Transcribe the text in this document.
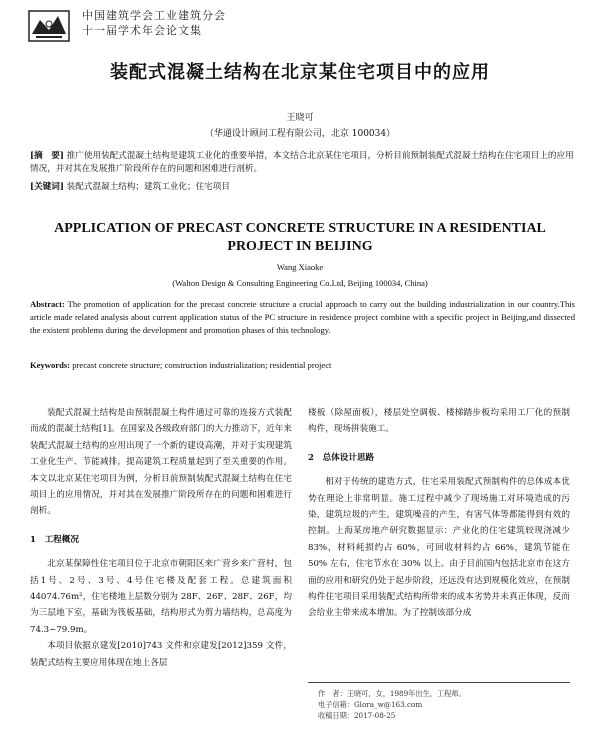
中国建筑学会工业建筑分会
十一届学术年会论文集
装配式混凝土结构在北京某住宅项目中的应用
王晓可
（华通设计顾问工程有限公司，北京 100034）
[摘　要] 推广使用装配式混凝土结构是建筑工业化的重要举措，本文结合北京某住宅项目，分析目前预制装配式混凝土结构在住宅项目上的应用情况，并对其在发展推广阶段所存在的问题和困难进行剖析。
[关键词] 装配式混凝土结构；建筑工业化；住宅项目
APPLICATION OF PRECAST CONCRETE STRUCTURE IN A RESIDENTIAL PROJECT IN BEIJING
Wang Xiaoke
(Walton Design & Consulting Engineering Co.Ltd, Beijing 100034, China)
Abstract: The promotion of application for the precast concrete structure a crucial approach to carry out the building industrialization in our country.This article made related analysis about current application status of the PC structure in residence project combine with a specific project in Beijing,and dissected the existent problems during the development and promotion phases of this technology.
Keywords: precast concrete structure; construction industrialization; residential project

装配式混凝土结构是由预制混凝土构件通过可靠的连接方式装配而成的混凝土结构[1]。在国家及各级政府部门的大力推动下，近年来装配式混凝土结构的应用出现了一个新的建设高潮，并对于实现建筑工业化生产、节能减排，提高建筑工程质量起到了至关重要的作用。本文以北京某住宅项目为例，分析目前预制装配式混凝土结构在住宅项目上的应用情况，并对其在发展推广阶段所存在的问题和困难进行剖析。

1　工程概况

北京某保障性住宅项目位于北京市朝阳区来广营乡来广营村，包括1号、2号、3号、4号住宅楼及配套工程。总建筑面积 44074.76m²，住宅楼地上层数分别为 28F、26F、28F、26F，均为三层地下室，基础为筏板基础，结构形式为剪力墙结构，总高度为 74.3~79.9m。

本项目依据京建发[2010]743 文件和京建发[2012]359 文件，装配式结构主要应用体现在地上各层

楼板（除屋面板），楼层处空调板、楼梯踏步板均采用工厂化的预制构件，现场拼装施工。

2　总体设计思路

相对于传统的建造方式，住宅采用装配式预制构件的总体成本优势在理论上非常明显。施工过程中减少了现场施工对环境造成的污染，建筑垃圾的产生，建筑噪音的产生，有害气体等都能得到有效的控制。上海某房地产研究数据显示：产业化的住宅建筑较现浇减少 83%，材料耗损约占 60%，可回收材料约占 66%，建筑节能在 50% 左右，住宅节水在 30% 以上。由于目前国内包括北京市在这方面的应用和研究仍处于起步阶段，还远没有达到规模化效应，在预制构件住宅项目采用装配式结构所带来的成本劣势并未真正体现，反而会给业主带来成本增加。为了控制该部分成

作　者：王晓可，女，1989年出生，工程师。
电子信箱：Glora_w@163.com
收稿日期：2017-08-25
